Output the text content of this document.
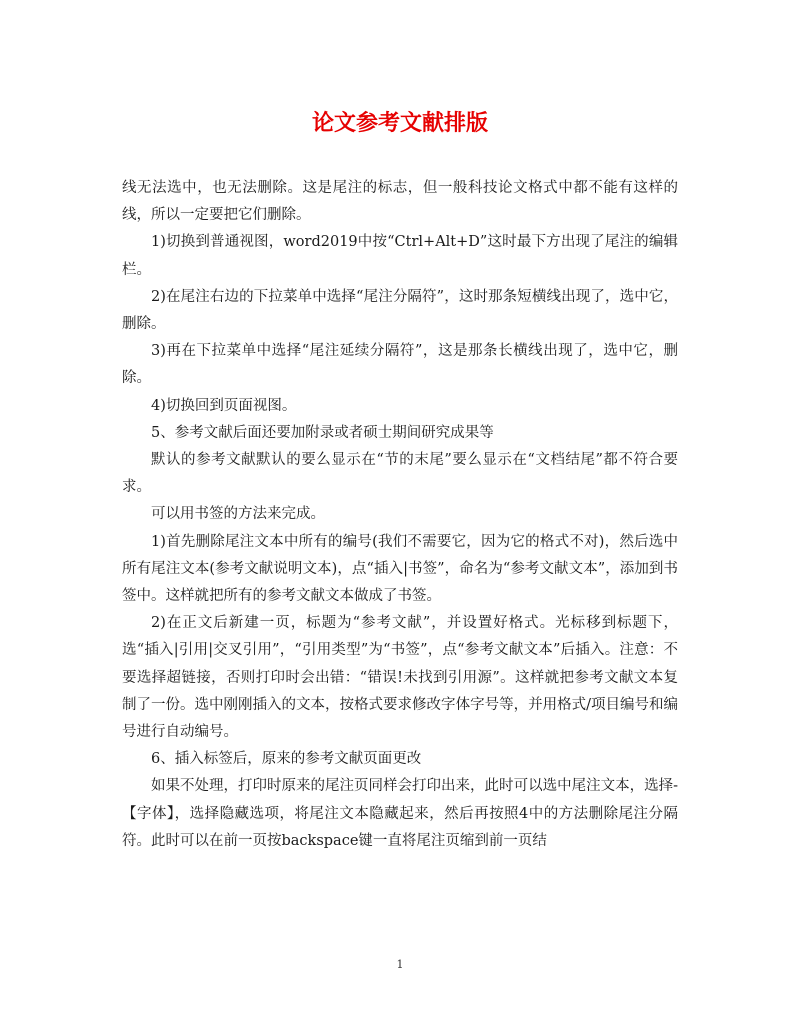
论文参考文献排版

线无法选中，也无法删除。这是尾注的标志，但一般科技论文格式中都不能有这样的线，所以一定要把它们删除。

1)切换到普通视图，word2019中按“Ctrl+Alt+D”这时最下方出现了尾注的编辑栏。

2)在尾注右边的下拉菜单中选择“尾注分隔符”，这时那条短横线出现了，选中它，删除。

3)再在下拉菜单中选择“尾注延续分隔符”，这是那条长横线出现了，选中它，删除。

4)切换回到页面视图。

5、参考文献后面还要加附录或者硕士期间研究成果等

默认的参考文献默认的要么显示在“节的末尾”要么显示在“文档结尾”都不符合要求。

可以用书签的方法来完成。

1)首先删除尾注文本中所有的编号(我们不需要它，因为它的格式不对)，然后选中所有尾注文本(参考文献说明文本)，点“插入|书签”，命名为“参考文献文本”，添加到书签中。这样就把所有的参考文献文本做成了书签。

2)在正文后新建一页，标题为“参考文献”，并设置好格式。光标移到标题下，选“插入|引用|交叉引用”，“引用类型”为“书签”，点“参考文献文本”后插入。注意：不要选择超链接，否则打印时会出错：“错误!未找到引用源”。这样就把参考文献文本复制了一份。选中刚刚插入的文本，按格式要求修改字体字号等，并用格式/项目编号和编号进行自动编号。

6、插入标签后，原来的参考文献页面更改

如果不处理，打印时原来的尾注页同样会打印出来，此时可以选中尾注文本，选择-【字体】，选择隐藏选项，将尾注文本隐藏起来，然后再按照4中的方法删除尾注分隔符。此时可以在前一页按backspace键一直将尾注页缩到前一页结

1
